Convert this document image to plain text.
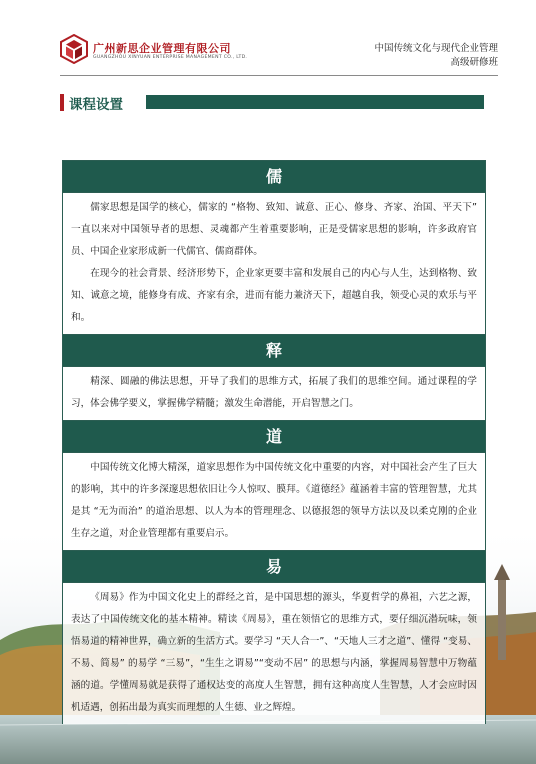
广州新思企业管理有限公司
GUANGZHOU XINYUAN ENTERPRISE MANAGEMENT CO., LTD.
中国传统文化与现代企业管理
高级研修班
课程设置
儒

儒家思想是国学的核心，儒家的 “格物、致知、诚意、正心、修身、齐家、治国、平天下” 一直以来对中国领导者的思想、灵魂都产生着重要影响，正是受儒家思想的影响，许多政府官员、中国企业家形成新一代儒官、儒商群体。

在现今的社会背景、经济形势下，企业家更要丰富和发展自己的内心与人生，达到格物、致知、诚意之境，能修身有成、齐家有余，进而有能力兼济天下，超越自我，领受心灵的欢乐与平和。

释

精深、圆融的佛法思想，开导了我们的思维方式，拓展了我们的思维空间。通过课程的学习，体会佛学要义，掌握佛学精髓；激发生命潜能，开启智慧之门。

道

中国传统文化博大精深，道家思想作为中国传统文化中重要的内容，对中国社会产生了巨大的影响，其中的许多深邃思想依旧让今人惊叹、膜拜。《道德经》蕴涵着丰富的管理智慧，尤其是其 “无为而治” 的道治思想、以人为本的管理理念、以德报怨的领导方法以及以柔克刚的企业生存之道，对企业管理都有重要启示。

易

《周易》作为中国文化史上的群经之首，是中国思想的源头，华夏哲学的鼻祖，六艺之源，表达了中国传统文化的基本精神。精读《周易》，重在领悟它的思维方式，要仔细沉潜玩味，领悟易道的精神世界，确立新的生活方式。要学习 “天人合一”、“天地人三才之道”、懂得 “变易、不易、简易” 的易学 “三易”，“生生之谓易”“变动不居” 的思想与内涵，掌握周易智慧中万物蕴涵的道。学懂周易就是获得了通权达变的高度人生智慧，拥有这种高度人生智慧，人才会应时因机适遇，创拓出最为真实而理想的人生德、业之辉煌。
